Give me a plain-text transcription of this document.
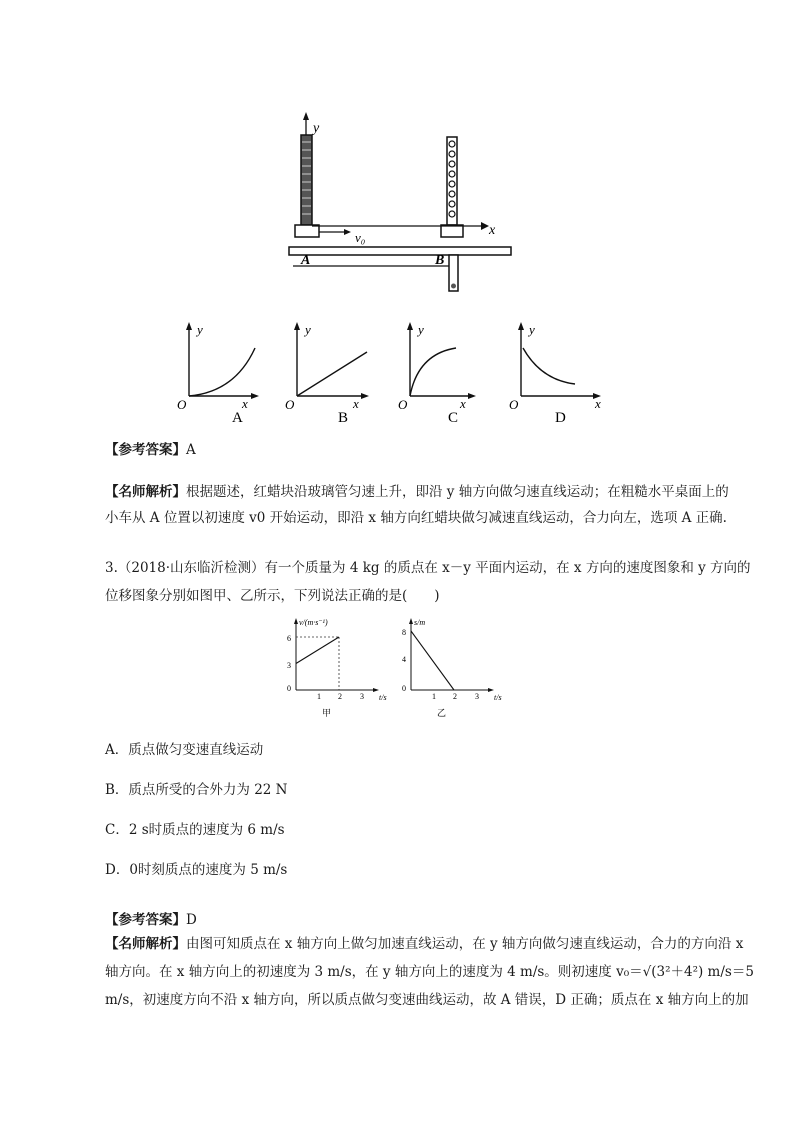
y
x
v₀
A	B
y
x
O
A
y
x
O
B
y
x
O
C
y
x
O
D
【参考答案】A
【名师解析】根据题述，红蜡块沿玻璃管匀速上升，即沿 y 轴方向做匀速直线运动；在粗糙水平桌面上的
小车从 A 位置以初速度 v0 开始运动，即沿 x 轴方向红蜡块做匀减速直线运动，合力向左，选项 A 正确.
3.（2018·山东临沂检测）有一个质量为 4 kg 的质点在 x－y 平面内运动，在 x 方向的速度图象和 y 方向的
位移图象分别如图甲、乙所示，下列说法正确的是(　　)
v/(m·s⁻¹)
t/s
6
3
0
1 2 3
甲
s/m
t/s
8
4
0
1 2 3
乙
A．质点做匀变速直线运动
B．质点所受的合外力为 22 N
C．2 s时质点的速度为 6 m/s
D．0时刻质点的速度为 5 m/s
【参考答案】D
【名师解析】由图可知质点在 x 轴方向上做匀加速直线运动，在 y 轴方向做匀速直线运动，合力的方向沿 x
轴方向。在 x 轴方向上的初速度为 3 m/s，在 y 轴方向上的速度为 4 m/s。则初速度 v₀＝√(3²＋4²) m/s＝5
m/s，初速度方向不沿 x 轴方向，所以质点做匀变速曲线运动，故 A 错误，D 正确；质点在 x 轴方向上的加
